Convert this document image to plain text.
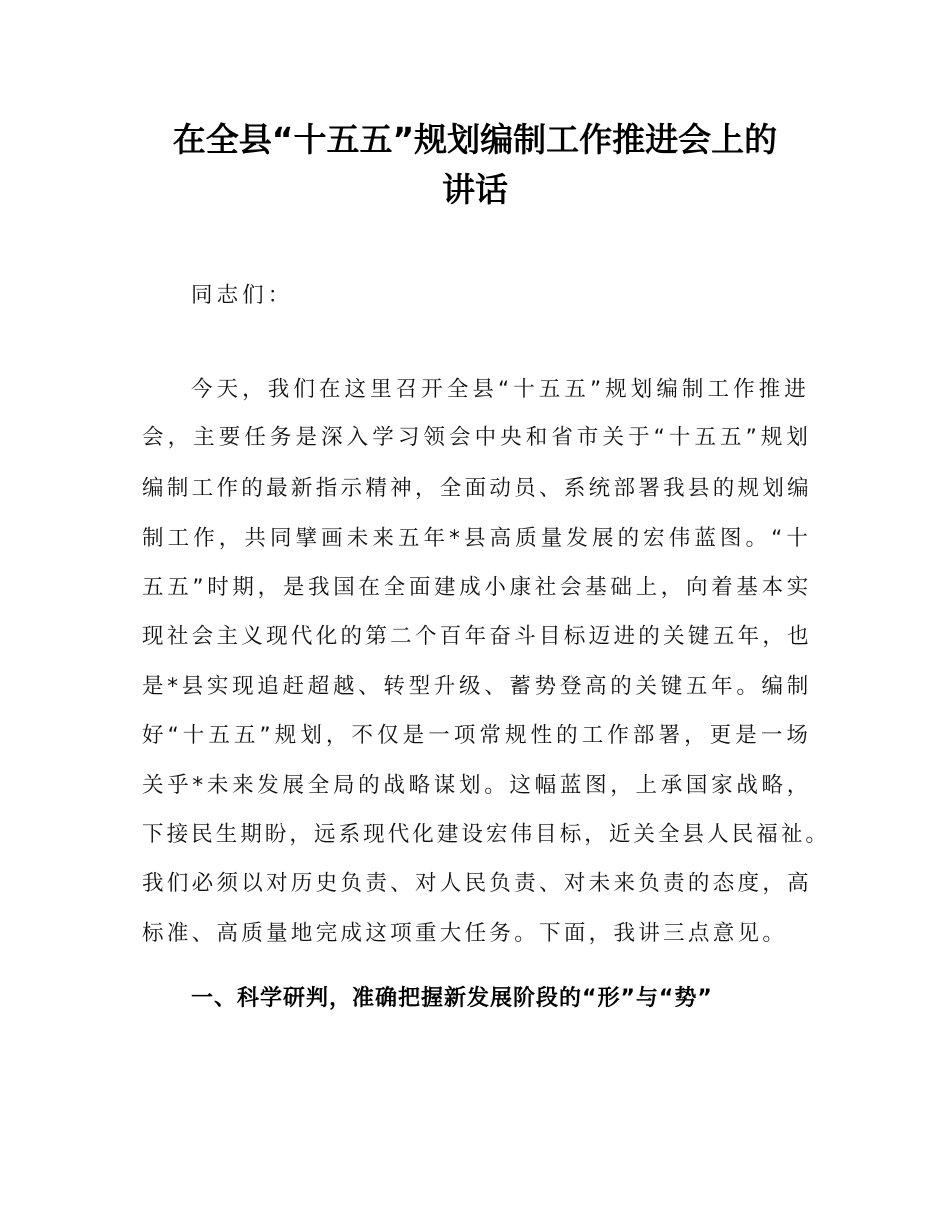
在全县“十五五”规划编制工作推进会上的
讲话
同志们：
今天，我们在这里召开全县“十五五”规划编制工作推进
会，主要任务是深入学习领会中央和省市关于“十五五”规划
编制工作的最新指示精神，全面动员、系统部署我县的规划编
制工作，共同擘画未来五年*县高质量发展的宏伟蓝图。“十
五五”时期，是我国在全面建成小康社会基础上，向着基本实
现社会主义现代化的第二个百年奋斗目标迈进的关键五年，也
是*县实现追赶超越、转型升级、蓄势登高的关键五年。编制
好“十五五”规划，不仅是一项常规性的工作部署，更是一场
关乎*未来发展全局的战略谋划。这幅蓝图，上承国家战略，
下接民生期盼，远系现代化建设宏伟目标，近关全县人民福祉。
我们必须以对历史负责、对人民负责、对未来负责的态度，高
标准、高质量地完成这项重大任务。下面，我讲三点意见。
一、科学研判，准确把握新发展阶段的“形”与“势”
